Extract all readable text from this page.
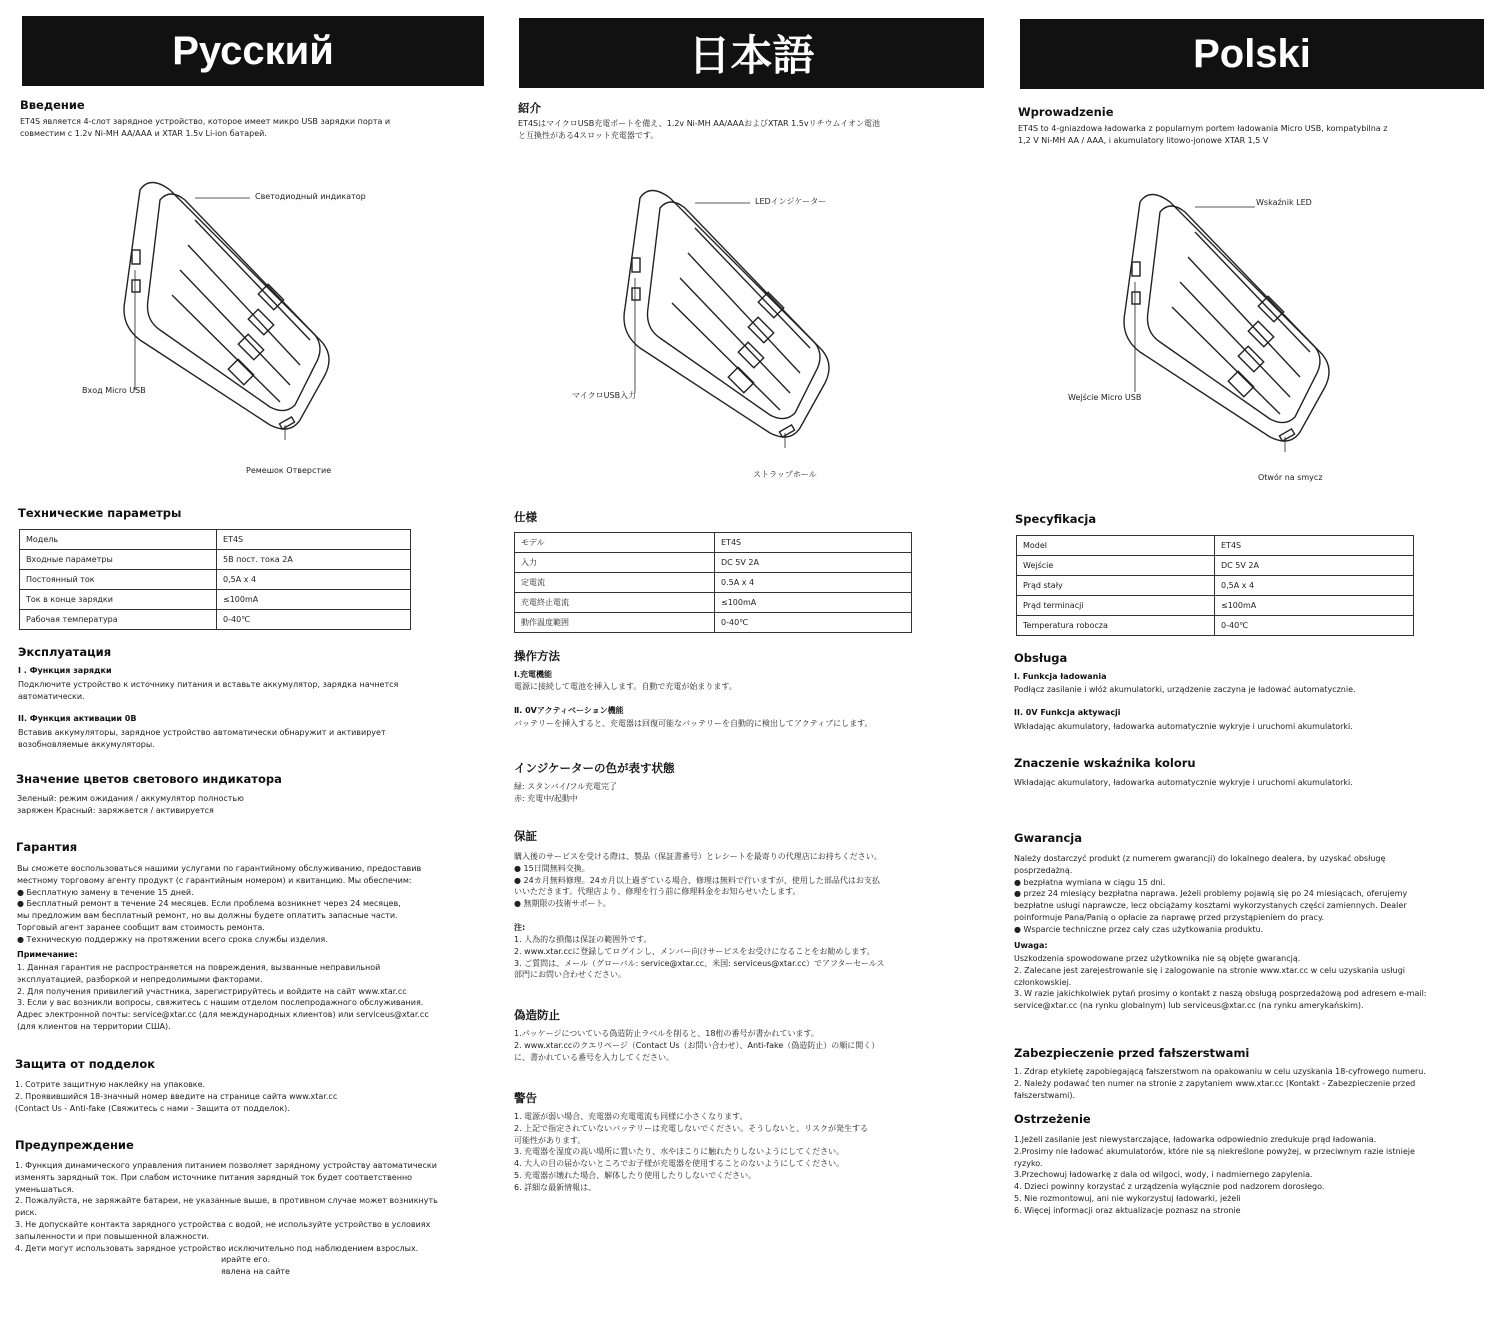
Русский
Введение
ET4S является 4-слот зарядное устройство, которое имеет микро USB зарядки порта и
совместим с 1.2v Ni-MH AA/AAA и XTAR 1.5v Li-ion батарей.
Светодиодный индикатор
Вход Micro USB
Ремешок Отверстие
Технические параметры
Модель	ET4S
Входные параметры	5В пост. тока 2А
Постоянный ток	0,5A x 4
Ток в конце зарядки	≤100mA
Рабочая температура	0-40℃
Эксплуатация
I . Функция зарядки
Подключите устройство к источнику питания и вставьте аккумулятор, зарядка начнется
автоматически.
II. Функция активации 0В
Вставив аккумуляторы, зарядное устройство автоматически обнаружит и активирует
возобновляемые аккумуляторы.
Значение цветов светового индикатора
Зеленый: режим ожидания / аккумулятор полностью
заряжен Красный: заряжается / активируется
Гарантия
Вы сможете воспользоваться нашими услугами по гарантийному обслуживанию, предоставив
местному торговому агенту продукт (с гарантийным номером) и квитанцию. Мы обеспечим:
● Бесплатную замену в течение 15 дней.
● Бесплатный ремонт в течение 24 месяцев. Если проблема возникнет через 24 месяцев,
мы предложим вам бесплатный ремонт, но вы должны будете оплатить запасные части.
Торговый агент заранее сообщит вам стоимость ремонта.
● Техническую поддержку на протяжении всего срока службы изделия.
Примечание:
1. Данная гарантия не распространяется на повреждения, вызванные неправильной
эксплуатацией, разборкой и непредолимыми факторами.
2. Для получения привилегий участника, зарегистрируйтесь и войдите на сайт www.xtar.cc
3. Если у вас возникли вопросы, свяжитесь с нашим отделом послепродажного обслуживания.
Адрес электронной почты: service@xtar.cc (для международных клиентов) или serviceus@xtar.cc
(для клиентов на территории США).
Защита от подделок
1. Сотрите защитную наклейку на упаковке.
2. Проявившийся 18-значный номер введите на странице сайта www.xtar.cc
(Contact Us - Anti-fake (Свяжитесь с нами - Защита от подделок).
Предупреждение
1. Функция динамического управления питанием позволяет зарядному устройству автоматически
изменять зарядный ток. При слабом источнике питания зарядный ток будет соответственно
уменьшаться.
2. Пожалуйста, не заряжайте батареи, не указанные выше, в противном случае может возникнуть
риск.
3. Не допускайте контакта зарядного устройства с водой, не используйте устройство в условиях
запыленности и при повышенной влажности.
4. Дети могут использовать зарядное устройство исключительно под наблюдением взрослых.
ирайте его.
явлена на сайте
日本語
紹介
ET4SはマイクロUSB充電ポートを備え、1.2v Ni-MH AA/AAAおよびXTAR 1.5vリチウムイオン電池
と互換性がある4スロット充電器です。
LEDインジケーター
マイクロUSB入力
ストラップホール
仕様
モデル	ET4S
入力	DC 5V 2A
定電流	0.5A x 4
充電終止電流	≤100mA
動作温度範囲	0-40℃
操作方法
Ⅰ.充電機能
電源に接続して電池を挿入します。自動で充電が始まります。
Ⅱ. 0Vアクティベーション機能
バッテリーを挿入すると、充電器は回復可能なバッテリーを自動的に検出してアクティブにします。
インジケーターの色が表す状態
緑: スタンバイ/フル充電完了
赤: 充電中/起動中
保証
購入後のサービスを受ける際は、製品（保証書番号）とレシートを最寄りの代理店にお持ちください。
● 15日間無料交換。
● 24カ月無料修理。24カ月以上過ぎている場合、修理は無料で行いますが、使用した部品代はお支払
いいただきます。代理店より、修理を行う前に修理料金をお知らせいたします。
● 無期限の技術サポート。
注:
1. 人為的な損傷は保証の範囲外です。
2. www.xtar.ccに登録してログインし、メンバー向けサービスをお受けになることをお勧めします。
3. ご質問は、メール（グローバル: service@xtar.cc、米国: serviceus@xtar.cc）でアフターセールス
部門にお問い合わせください。
偽造防止
1.パッケージについている偽造防止ラベルを削ると、18桁の番号が書かれています。
2. www.xtar.ccのクエリページ（Contact Us（お問い合わせ）、Anti-fake（偽造防止）の順に開く）
に、書かれている番号を入力してください。
警告
1. 電源が弱い場合、充電器の充電電流も同様に小さくなります。
2. 上記で指定されていないバッテリーは充電しないでください。そうしないと、リスクが発生する
可能性があります。
3. 充電器を湿度の高い場所に置いたり、水やほこりに触れたりしないようにしてください。
4. 大人の目の届かないところでお子様が充電器を使用することのないようにしてください。
5. 充電器が壊れた場合、解体したり使用したりしないでください。
6. 詳細な最新情報は、
Polski
Wprowadzenie
ET4S to 4-gniazdowa ładowarka z popularnym portem ładowania Micro USB, kompatybilna z
1,2 V Ni-MH AA / AAA, i akumulatory litowo-jonowe XTAR 1,5 V
Wskaźnik LED
Wejście Micro USB
Otwór na smycz
Specyfikacja
Model	ET4S
Wejście	DC 5V 2A
Prąd stały	0,5A x 4
Prąd terminacji	≤100mA
Temperatura robocza	0-40℃
Obsługa
I. Funkcja ładowania
Podłącz zasilanie i włóż akumulatorki, urządzenie zaczyna je ładować automatycznie.
II. 0V Funkcja aktywacji
Wkładając akumulatory, ładowarka automatycznie wykryje i uruchomi akumulatorki.
Znaczenie wskaźnika koloru
Wkładając akumulatory, ładowarka automatycznie wykryje i uruchomi akumulatorki.
Gwarancja
Należy dostarczyć produkt (z numerem gwarancji) do lokalnego dealera, by uzyskać obsługę
posprzedażną.
● bezpłatna wymiana w ciągu 15 dni.
● przez 24 miesiący bezpłatna naprawa. Jeżeli problemy pojawią się po 24 miesiącach, oferujemy
bezpłatne usługi naprawcze, lecz obciążamy kosztami wykorzystanych części zamiennych. Dealer
poinformuje Pana/Panią o opłacie za naprawę przed przystąpieniem do pracy.
● Wsparcie techniczne przez cały czas użytkowania produktu.
Uwaga:
Uszkodzenia spowodowane przez użytkownika nie są objęte gwarancją.
2. Zalecane jest zarejestrowanie się i zalogowanie na stronie www.xtar.cc w celu uzyskania usługi
członkowskiej.
3. W razie jakichkolwiek pytań prosimy o kontakt z naszą obsługą posprzedażową pod adresem e-mail:
service@xtar.cc (na rynku globalnym) lub serviceus@xtar.cc (na rynku amerykańskim).
Zabezpieczenie przed fałszerstwami
1. Zdrap etykietę zapobiegającą fałszerstwom na opakowaniu w celu uzyskania 18-cyfrowego numeru.
2. Należy podawać ten numer na stronie z zapytaniem www.xtar.cc (Kontakt - Zabezpieczenie przed
fałszerstwami).
Ostrzeżenie
1.Jeżeli zasilanie jest niewystarczające, ładowarka odpowiednio zredukuje prąd ładowania.
2.Prosimy nie ładować akumulatorów, które nie są niekreślone powyżej, w przeciwnym razie istnieje
ryzyko.
3.Przechowuj ładowarkę z dala od wilgoci, wody, i nadmiernego zapylenia.
4. Dzieci powinny korzystać z urządzenia wyłącznie pod nadzorem dorosłego.
5. Nie rozmontowuj, ani nie wykorzystuj ładowarki, jeżeli
6. Więcej informacji oraz aktualizacje poznasz na stronie
